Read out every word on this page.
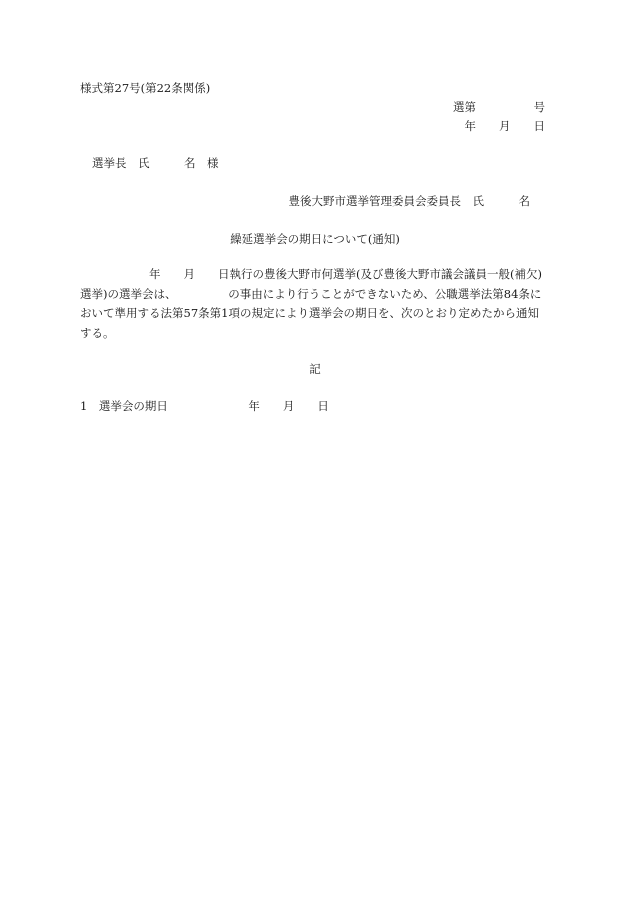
様式第27号(第22条関係)
選第　　　　　号
年　　月　　日
選挙長　氏　　　名　様
豊後大野市選挙管理委員会委員長　氏　　　名
繰延選挙会の期日について(通知)
　　　　　　年　　月　　日執行の豊後大野市何選挙(及び豊後大野市議会議員一般(補欠)
選挙)の選挙会は、　　　　　の事由により行うことができないため、公職選挙法第84条に
おいて準用する法第57条第1項の規定により選挙会の期日を、次のとおり定めたから通知
する。
記
1　選挙会の期日　　　　　　　年　　月　　日
